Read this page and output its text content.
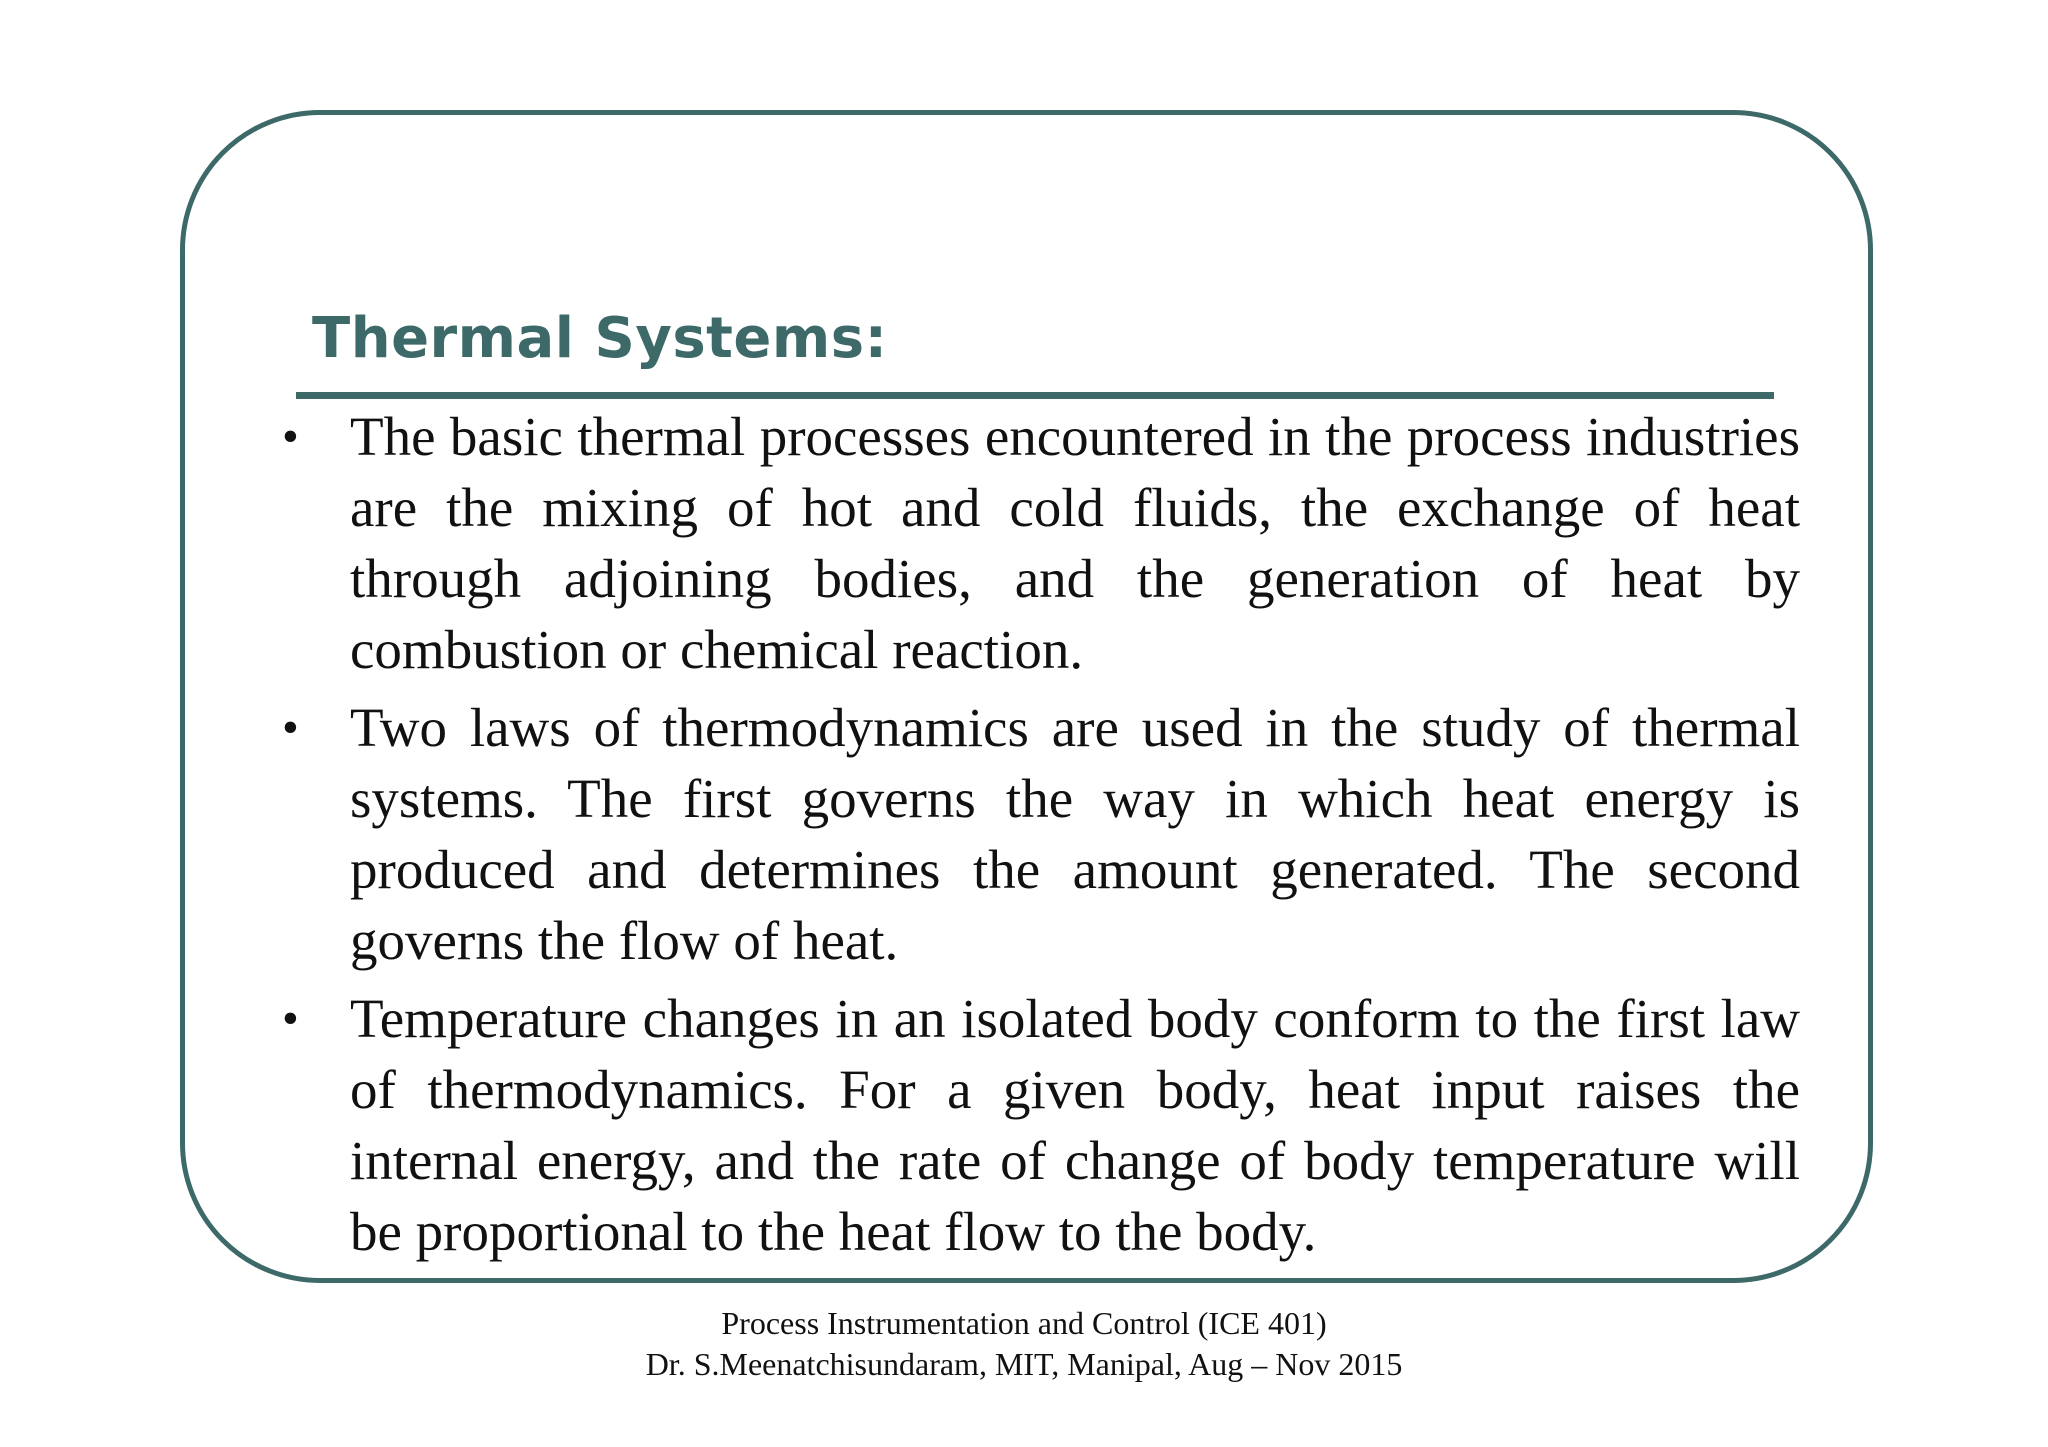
Thermal Systems:
• The basic thermal processes encountered in the process industries are the mixing of hot and cold fluids, the exchange of heat through adjoining bodies, and the generation of heat by combustion or chemical reaction.
• Two laws of thermodynamics are used in the study of thermal systems. The first governs the way in which heat energy is produced and determines the amount generated. The second governs the flow of heat.
• Temperature changes in an isolated body conform to the first law of thermodynamics. For a given body, heat input raises the internal energy, and the rate of change of body temperature will be proportional to the heat flow to the body.
Process Instrumentation and Control (ICE 401)
Dr. S.Meenatchisundaram, MIT, Manipal, Aug – Nov 2015
